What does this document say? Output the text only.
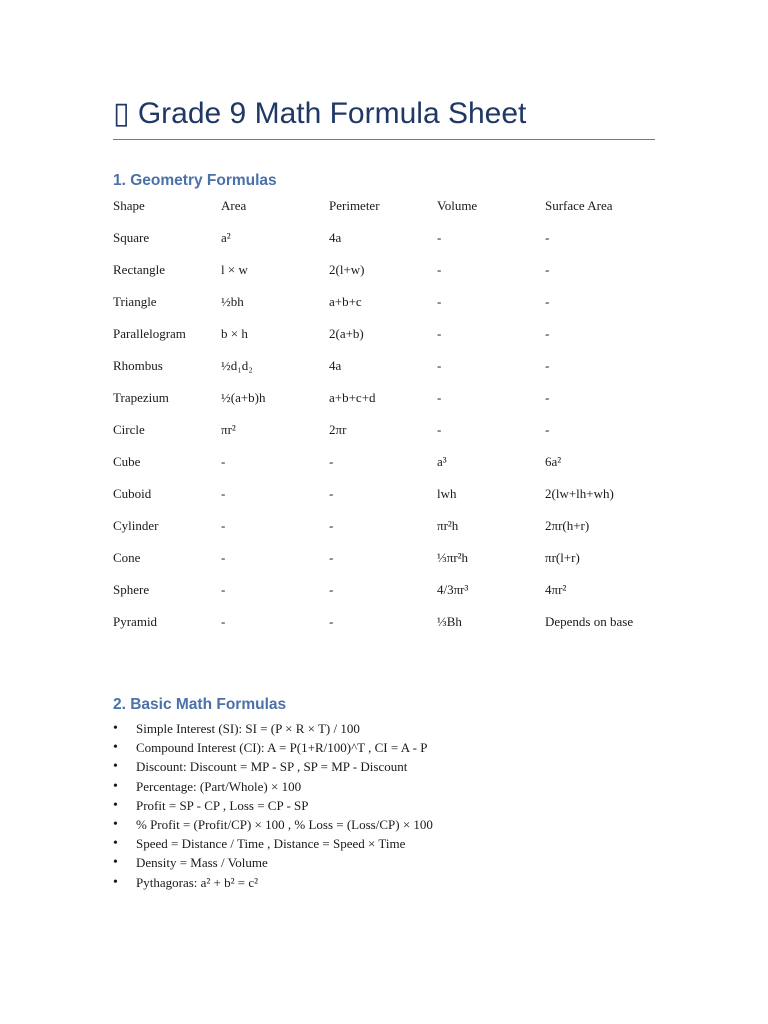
▯ Grade 9 Math Formula Sheet
1. Geometry Formulas
Shape	Area	Perimeter	Volume	Surface Area
Square	a²	4a	-	-
Rectangle	l × w	2(l+w)	-	-
Triangle	½bh	a+b+c	-	-
Parallelogram	b × h	2(a+b)	-	-
Rhombus	½d₁d₂	4a	-	-
Trapezium	½(a+b)h	a+b+c+d	-	-
Circle	πr²	2πr	-	-
Cube	-	-	a³	6a²
Cuboid	-	-	lwh	2(lw+lh+wh)
Cylinder	-	-	πr²h	2πr(h+r)
Cone	-	-	⅓πr²h	πr(l+r)
Sphere	-	-	4/3πr³	4πr²
Pyramid	-	-	⅓Bh	Depends on base
2. Basic Math Formulas
• Simple Interest (SI): SI = (P × R × T) / 100
• Compound Interest (CI): A = P(1+R/100)^T , CI = A - P
• Discount: Discount = MP - SP , SP = MP - Discount
• Percentage: (Part/Whole) × 100
• Profit = SP - CP , Loss = CP - SP
• % Profit = (Profit/CP) × 100 , % Loss = (Loss/CP) × 100
• Speed = Distance / Time , Distance = Speed × Time
• Density = Mass / Volume
• Pythagoras: a² + b² = c²
